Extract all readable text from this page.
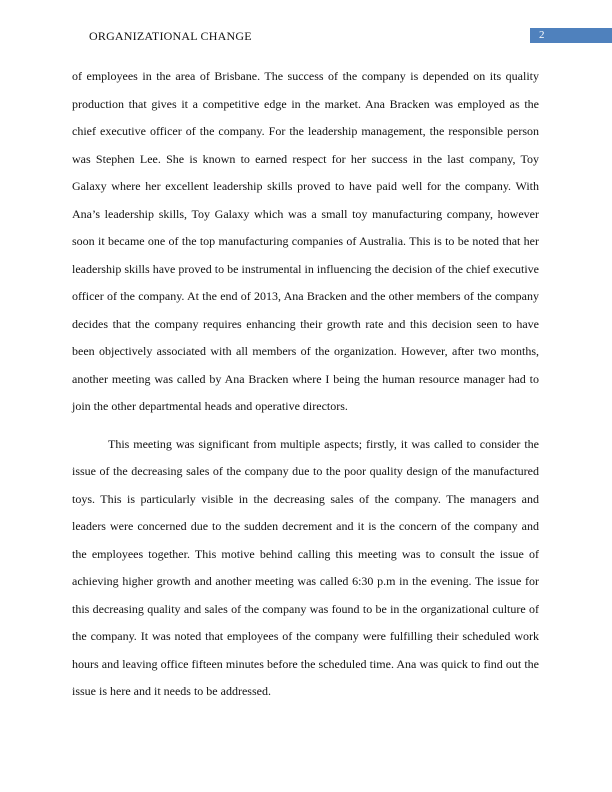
ORGANIZATIONAL CHANGE	2

of employees in the area of Brisbane. The success of the company is depended on its quality production that gives it a competitive edge in the market. Ana Bracken was employed as the chief executive officer of the company. For the leadership management, the responsible person was Stephen Lee. She is known to earned respect for her success in the last company, Toy Galaxy where her excellent leadership skills proved to have paid well for the company. With Ana’s leadership skills, Toy Galaxy which was a small toy manufacturing company, however soon it became one of the top manufacturing companies of Australia. This is to be noted that her leadership skills have proved to be instrumental in influencing the decision of the chief executive officer of the company. At the end of 2013, Ana Bracken and the other members of the company decides that the company requires enhancing their growth rate and this decision seen to have been objectively associated with all members of the organization. However, after two months, another meeting was called by Ana Bracken where I being the human resource manager had to join the other departmental heads and operative directors.

This meeting was significant from multiple aspects; firstly, it was called to consider the issue of the decreasing sales of the company due to the poor quality design of the manufactured toys. This is particularly visible in the decreasing sales of the company. The managers and leaders were concerned due to the sudden decrement and it is the concern of the company and the employees together. This motive behind calling this meeting was to consult the issue of achieving higher growth and another meeting was called 6:30 p.m in the evening. The issue for this decreasing quality and sales of the company was found to be in the organizational culture of the company. It was noted that employees of the company were fulfilling their scheduled work hours and leaving office fifteen minutes before the scheduled time. Ana was quick to find out the issue is here and it needs to be addressed.
